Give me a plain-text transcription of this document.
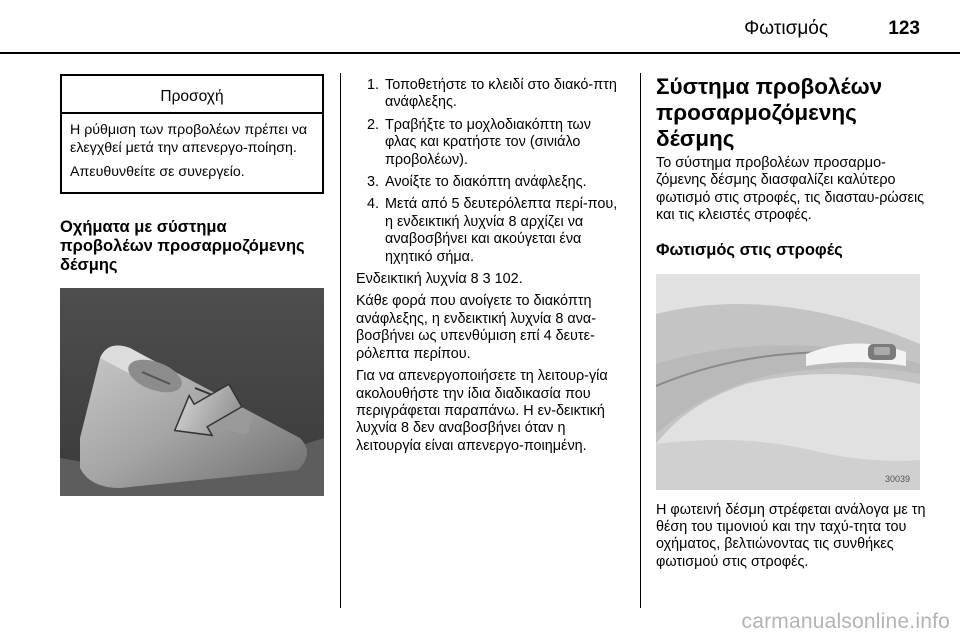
Φωτισμός	123
Προσοχή

Η ρύθμιση των προβολέων πρέπει να ελεγχθεί μετά την απενεργο-ποίηση.

Απευθυνθείτε σε συνεργείο.

Οχήματα με σύστημα προβολέων προσαρμοζόμενης δέσμης
1. Τοποθετήστε το κλειδί στο διακό-πτη ανάφλεξης.
2. Τραβήξτε το μοχλοδιακόπτη των φλας και κρατήστε τον (σινιάλο προβολέων).
3. Ανοίξτε το διακόπτη ανάφλεξης.
4. Μετά από 5 δευτερόλεπτα περί-που, η ενδεικτική λυχνία 8 αρχίζει να αναβοσβήνει και ακούγεται ένα ηχητικό σήμα.

Ενδεικτική λυχνία 8 3 102.

Κάθε φορά που ανοίγετε το διακόπτη ανάφλεξης, η ενδεικτική λυχνία 8 ανα-βοσβήνει ως υπενθύμιση επί 4 δευτε-ρόλεπτα περίπου.

Για να απενεργοποιήσετε τη λειτουρ-γία ακολουθήστε την ίδια διαδικασία που περιγράφεται παραπάνω. Η εν-δεικτική λυχνία 8 δεν αναβοσβήνει όταν η λειτουργία είναι απενεργο-ποιημένη.

Σύστημα προβολέων προσαρμοζόμενης δέσμης

Το σύστημα προβολέων προσαρμο-ζόμενης δέσμης διασφαλίζει καλύτερο φωτισμό στις στροφές, τις διασταυ-ρώσεις και τις κλειστές στροφές.

Φωτισμός στις στροφές
30039

Η φωτεινή δέσμη στρέφεται ανάλογα με τη θέση του τιμονιού και την ταχύ-τητα του οχήματος, βελτιώνοντας τις συνθήκες φωτισμού στις στροφές.

carmanualsonline.info
